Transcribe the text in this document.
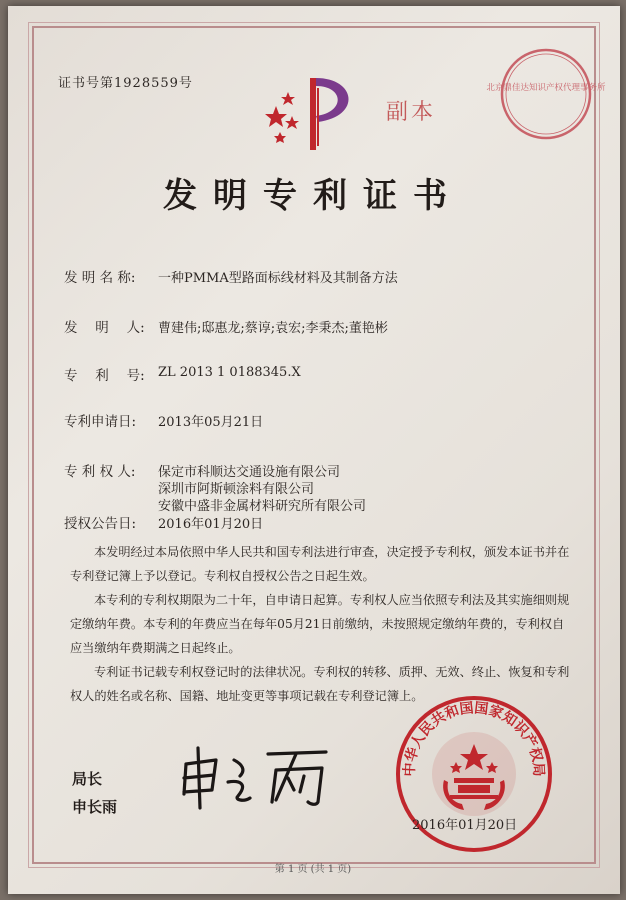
证书号第1928559号
副本
北京鼎佳达知识产权代理事务所
发明专利证书
发 明 名 称: 一种PMMA型路面标线材料及其制备方法
发　 明　 人: 曹建伟;邸惠龙;蔡谆;袁宏;李秉杰;董艳彬
专　 利　 号: ZL 2013 1 0188345.X
专利申请日: 2013年05月21日
专 利 权 人: 保定市科顺达交通设施有限公司
深圳市阿斯顿涂料有限公司
安徽中盛非金属材料研究所有限公司
授权公告日: 2016年01月20日
本发明经过本局依照中华人民共和国专利法进行审查，决定授予专利权，颁发本证书并在专利登记簿上予以登记。专利权自授权公告之日起生效。
本专利的专利权期限为二十年，自申请日起算。专利权人应当依照专利法及其实施细则规定缴纳年费。本专利的年费应当在每年05月21日前缴纳，未按照规定缴纳年费的，专利权自应当缴纳年费期满之日起终止。
专利证书记载专利权登记时的法律状况。专利权的转移、质押、无效、终止、恢复和专利权人的姓名或名称、国籍、地址变更等事项记载在专利登记簿上。
局长
申长雨
中华人民共和国国家知识产权局
2016年01月20日
第 1 页 (共 1 页)
